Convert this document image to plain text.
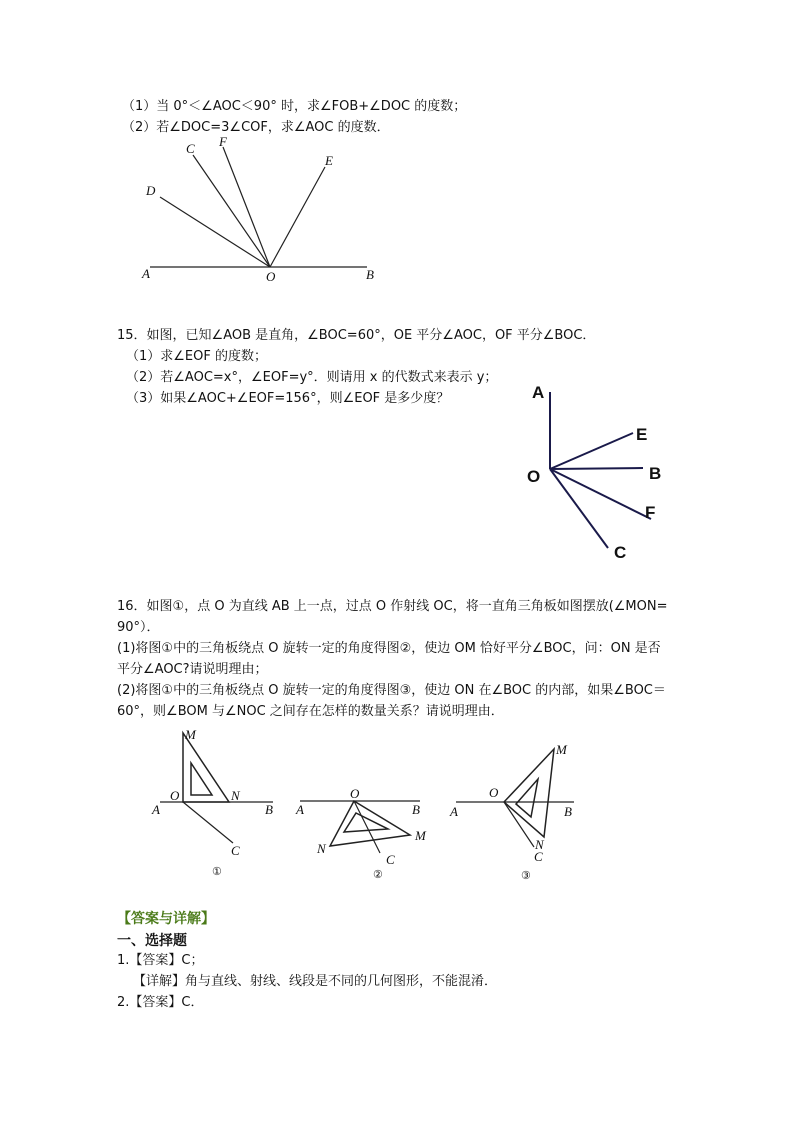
（1）当 0°＜∠AOC＜90° 时，求∠FOB+∠DOC 的度数；
（2）若∠DOC=3∠COF，求∠AOC 的度数．
C F
D
E
A	O	B
15．如图，已知∠AOB 是直角，∠BOC=60°，OE 平分∠AOC，OF 平分∠BOC．
（1）求∠EOF 的度数；
（2）若∠AOC=x°，∠EOF=y°．则请用 x 的代数式来表示 y；
（3）如果∠AOC+∠EOF=156°，则∠EOF 是多少度？	A
E
O	B
F
C
16．如图①，点 O 为直线 AB 上一点，过点 O 作射线 OC，将一直角三角板如图摆放(∠MON=
90°）．
(1)将图①中的三角板绕点 O 旋转一定的角度得图②，使边 OM 恰好平分∠BOC，问：ON 是否
平分∠AOC?请说明理由；
(2)将图①中的三角板绕点 O 旋转一定的角度得图③，使边 ON 在∠BOC 的内部，如果∠BOC＝
60°，则∠BOM 与∠NOC 之间存在怎样的数量关系？请说明理由．
M
O	N
A	B
C
①
O
A	B
M
N
C
②
M
O
A	B
N
C
③
【答案与详解】
一、选择题
1.【答案】C；
【详解】角与直线、射线、线段是不同的几何图形，不能混淆．
2.【答案】C．
